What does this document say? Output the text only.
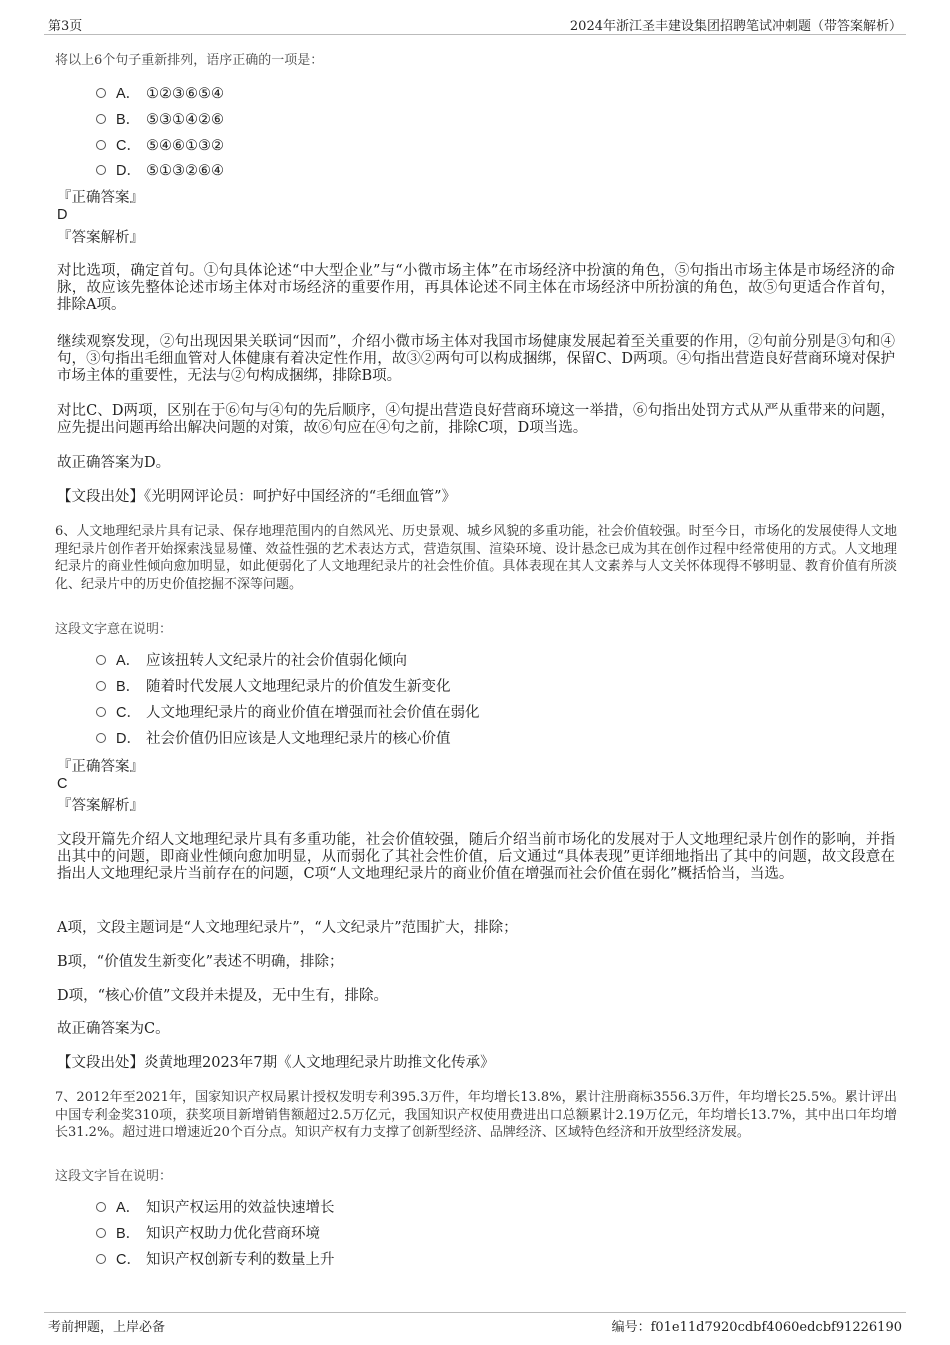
第3页	2024年浙江圣丰建设集团招聘笔试冲刺题（带答案解析）
将以上6个句子重新排列，语序正确的一项是：
A． ①②③⑥⑤④
B． ⑤③①④②⑥
C． ⑤④⑥①③②
D． ⑤①③②⑥④
『正确答案』
D
『答案解析』
对比选项，确定首句。①句具体论述“中大型企业”与“小微市场主体”在市场经济中扮演的角色，⑤句指出市场主体是市场经济的命脉，故应该先整体论述市场主体对市场经济的重要作用，再具体论述不同主体在市场经济中所扮演的角色，故⑤句更适合作首句，排除A项。
继续观察发现，②句出现因果关联词“因而”，介绍小微市场主体对我国市场健康发展起着至关重要的作用，②句前分别是③句和④句，③句指出毛细血管对人体健康有着决定性作用，故③②两句可以构成捆绑，保留C、D两项。④句指出营造良好营商环境对保护市场主体的重要性，无法与②句构成捆绑，排除B项。
对比C、D两项，区别在于⑥句与④句的先后顺序，④句提出营造良好营商环境这一举措，⑥句指出处罚方式从严从重带来的问题，应先提出问题再给出解决问题的对策，故⑥句应在④句之前，排除C项，D项当选。
故正确答案为D。
【文段出处】《光明网评论员：呵护好中国经济的“毛细血管”》
6、人文地理纪录片具有记录、保存地理范围内的自然风光、历史景观、城乡风貌的多重功能，社会价值较强。时至今日，市场化的发展使得人文地理纪录片创作者开始探索浅显易懂、效益性强的艺术表达方式，营造氛围、渲染环境、设计悬念已成为其在创作过程中经常使用的方式。人文地理纪录片的商业性倾向愈加明显，如此便弱化了人文地理纪录片的社会性价值。具体表现在其人文素养与人文关怀体现得不够明显、教育价值有所淡化、纪录片中的历史价值挖掘不深等问题。
这段文字意在说明：
A． 应该扭转人文纪录片的社会价值弱化倾向
B． 随着时代发展人文地理纪录片的价值发生新变化
C． 人文地理纪录片的商业价值在增强而社会价值在弱化
D． 社会价值仍旧应该是人文地理纪录片的核心价值
『正确答案』
C
『答案解析』
文段开篇先介绍人文地理纪录片具有多重功能，社会价值较强，随后介绍当前市场化的发展对于人文地理纪录片创作的影响，并指出其中的问题，即商业性倾向愈加明显，从而弱化了其社会性价值，后文通过“具体表现”更详细地指出了其中的问题，故文段意在指出人文地理纪录片当前存在的问题，C项“人文地理纪录片的商业价值在增强而社会价值在弱化”概括恰当，当选。
A项，文段主题词是“人文地理纪录片”，“人文纪录片”范围扩大，排除；
B项，“价值发生新变化”表述不明确，排除；
D项，“核心价值”文段并未提及，无中生有，排除。
故正确答案为C。
【文段出处】炎黄地理2023年7期《人文地理纪录片助推文化传承》
7、2012年至2021年，国家知识产权局累计授权发明专利395.3万件，年均增长13.8%，累计注册商标3556.3万件，年均增长25.5%。累计评出中国专利金奖310项，获奖项目新增销售额超过2.5万亿元，我国知识产权使用费进出口总额累计2.19万亿元，年均增长13.7%，其中出口年均增长31.2%。超过进口增速近20个百分点。知识产权有力支撑了创新型经济、品牌经济、区域特色经济和开放型经济发展。
这段文字旨在说明：
A． 知识产权运用的效益快速增长
B． 知识产权助力优化营商环境
C． 知识产权创新专利的数量上升
考前押题，上岸必备	编号：f01e11d7920cdbf4060edcbf91226190
